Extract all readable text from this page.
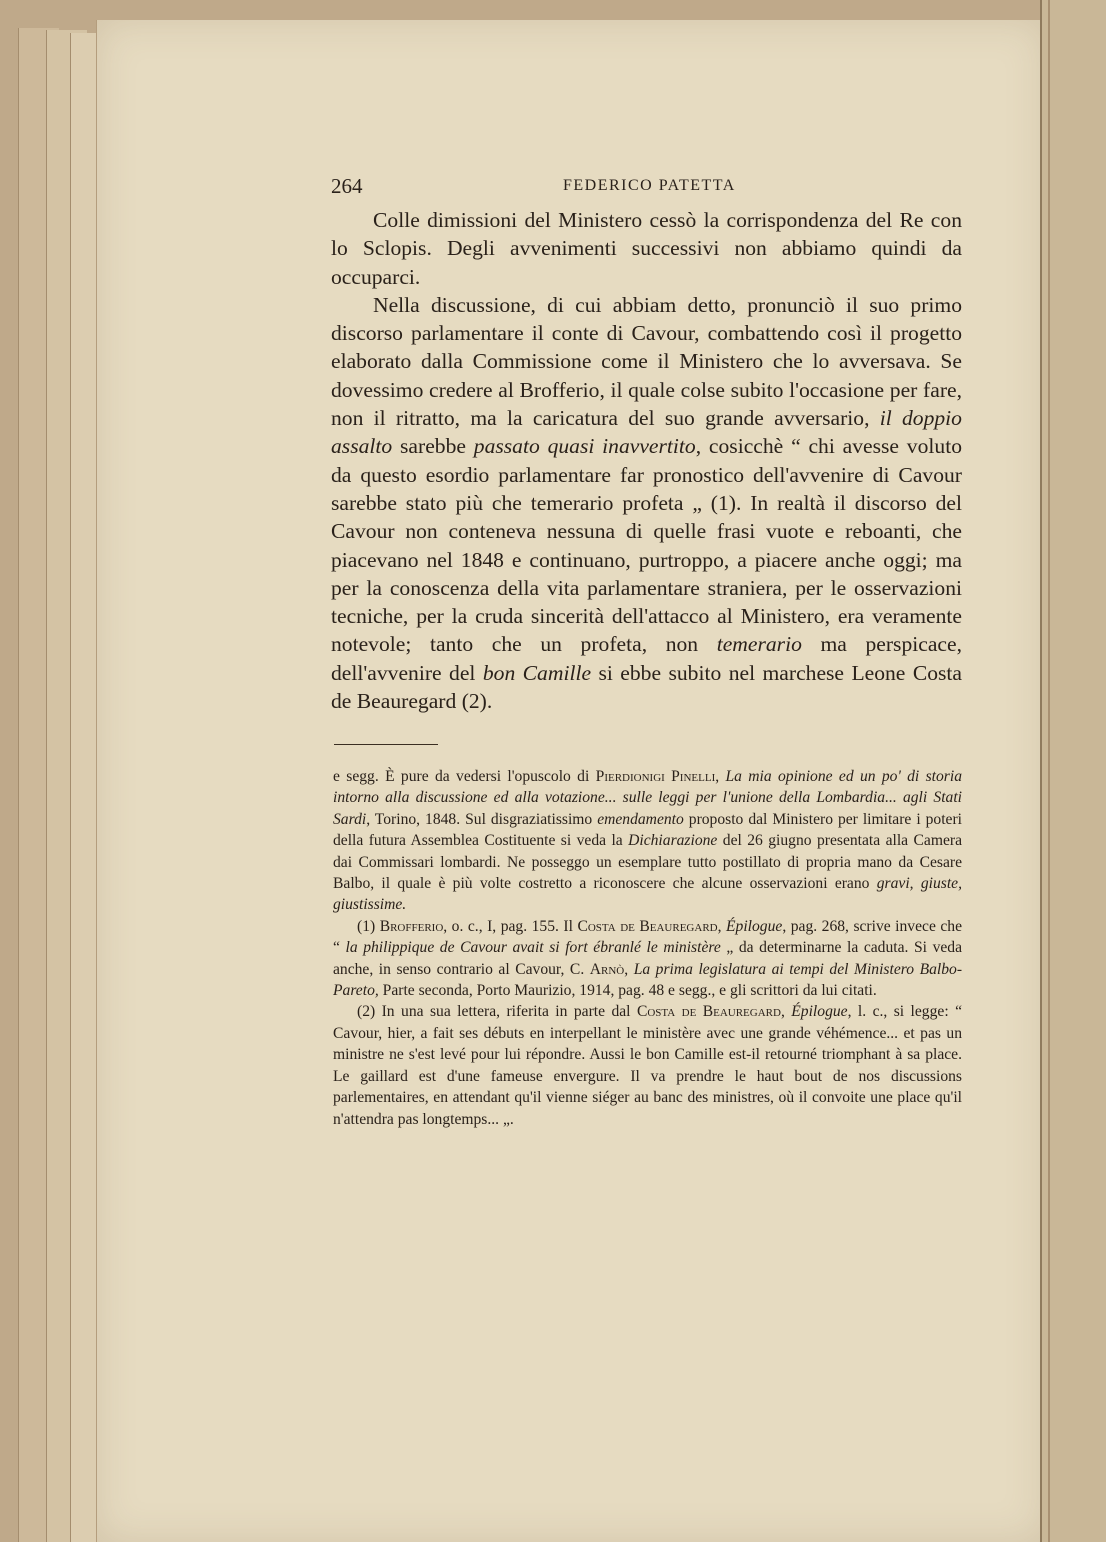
264	FEDERICO PATETTA

Colle dimissioni del Ministero cessò la corrispondenza del Re con lo Sclopis. Degli avvenimenti successivi non abbiamo quindi da occuparci.

Nella discussione, di cui abbiam detto, pronunciò il suo primo discorso parlamentare il conte di Cavour, combattendo così il progetto elaborato dalla Commissione come il Ministero che lo avversava. Se dovessimo credere al Brofferio, il quale colse subito l'occasione per fare, non il ritratto, ma la caricatura del suo grande avversario, il doppio assalto sarebbe passato quasi inavvertito, cosicchè “ chi avesse voluto da questo esordio parlamentare far pronostico dell'avvenire di Cavour sarebbe stato più che temerario profeta „ (1). In realtà il discorso del Cavour non conteneva nessuna di quelle frasi vuote e reboanti, che piacevano nel 1848 e continuano, purtroppo, a piacere anche oggi; ma per la conoscenza della vita parlamentare straniera, per le osservazioni tecniche, per la cruda sincerità dell'attacco al Ministero, era veramente notevole; tanto che un profeta, non temerario ma perspicace, dell'avvenire del bon Camille si ebbe subito nel marchese Leone Costa de Beauregard (2).

e segg. È pure da vedersi l'opuscolo di Pierdionigi Pinelli, La mia opinione ed un po' di storia intorno alla discussione ed alla votazione... sulle leggi per l'unione della Lombardia... agli Stati Sardi, Torino, 1848. Sul disgraziatissimo emendamento proposto dal Ministero per limitare i poteri della futura Assemblea Costituente si veda la Dichiarazione del 26 giugno presentata alla Camera dai Commissari lombardi. Ne posseggo un esemplare tutto postillato di propria mano da Cesare Balbo, il quale è più volte costretto a riconoscere che alcune osservazioni erano gravi, giuste, giustissime.

(1) Brofferio, o. c., I, pag. 155. Il Costa de Beauregard, Épilogue, pag. 268, scrive invece che “ la philippique de Cavour avait si fort ébranlé le ministère „ da determinarne la caduta. Si veda anche, in senso contrario al Cavour, C. Arnò, La prima legislatura ai tempi del Ministero Balbo-Pareto, Parte seconda, Porto Maurizio, 1914, pag. 48 e segg., e gli scrittori da lui citati.

(2) In una sua lettera, riferita in parte dal Costa de Beauregard, Épilogue, l. c., si legge: “ Cavour, hier, a fait ses débuts en interpellant le ministère avec une grande véhémence... et pas un ministre ne s'est levé pour lui répondre. Aussi le bon Camille est-il retourné triomphant à sa place. Le gaillard est d'une fameuse envergure. Il va prendre le haut bout de nos discussions parlementaires, en attendant qu'il vienne siéger au banc des ministres, où il convoite une place qu'il n'attendra pas longtemps... „.
